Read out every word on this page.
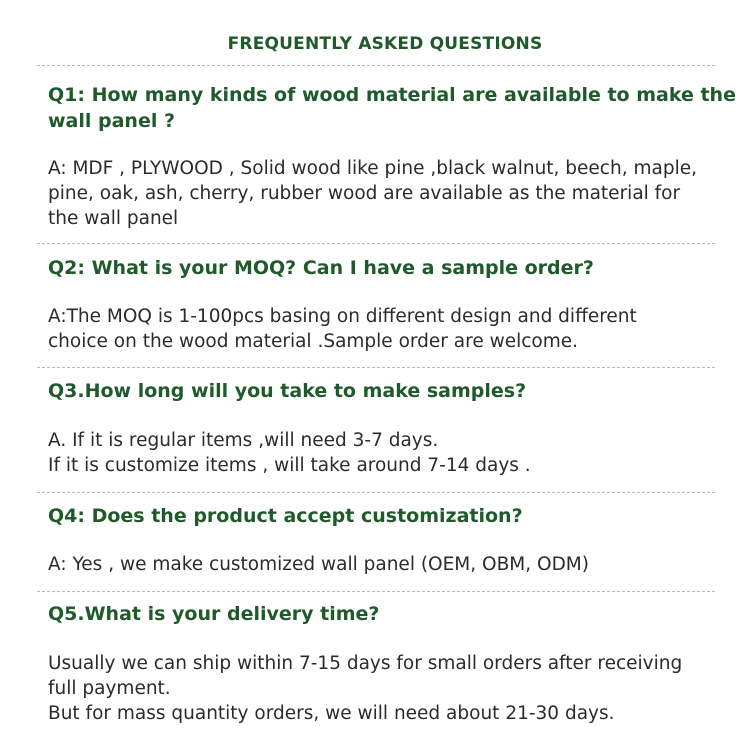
FREQUENTLY ASKED QUESTIONS

Q1: How many kinds of wood material are available to make the
wall panel ?

A: MDF , PLYWOOD , Solid wood like pine ,black walnut, beech, maple,
pine, oak, ash, cherry, rubber wood are available as the material for
the wall panel

Q2: What is your MOQ? Can I have a sample order?

A:The MOQ is 1-100pcs basing on different design and different
choice on the wood material .Sample order are welcome.

Q3.How long will you take to make samples?

A. If it is regular items ,will need 3-7 days.
If it is customize items , will take around 7-14 days .

Q4: Does the product accept customization?

A: Yes , we make customized wall panel (OEM, OBM, ODM)

Q5.What is your delivery time?

Usually we can ship within 7-15 days for small orders after receiving
full payment.
But for mass quantity orders, we will need about 21-30 days.
